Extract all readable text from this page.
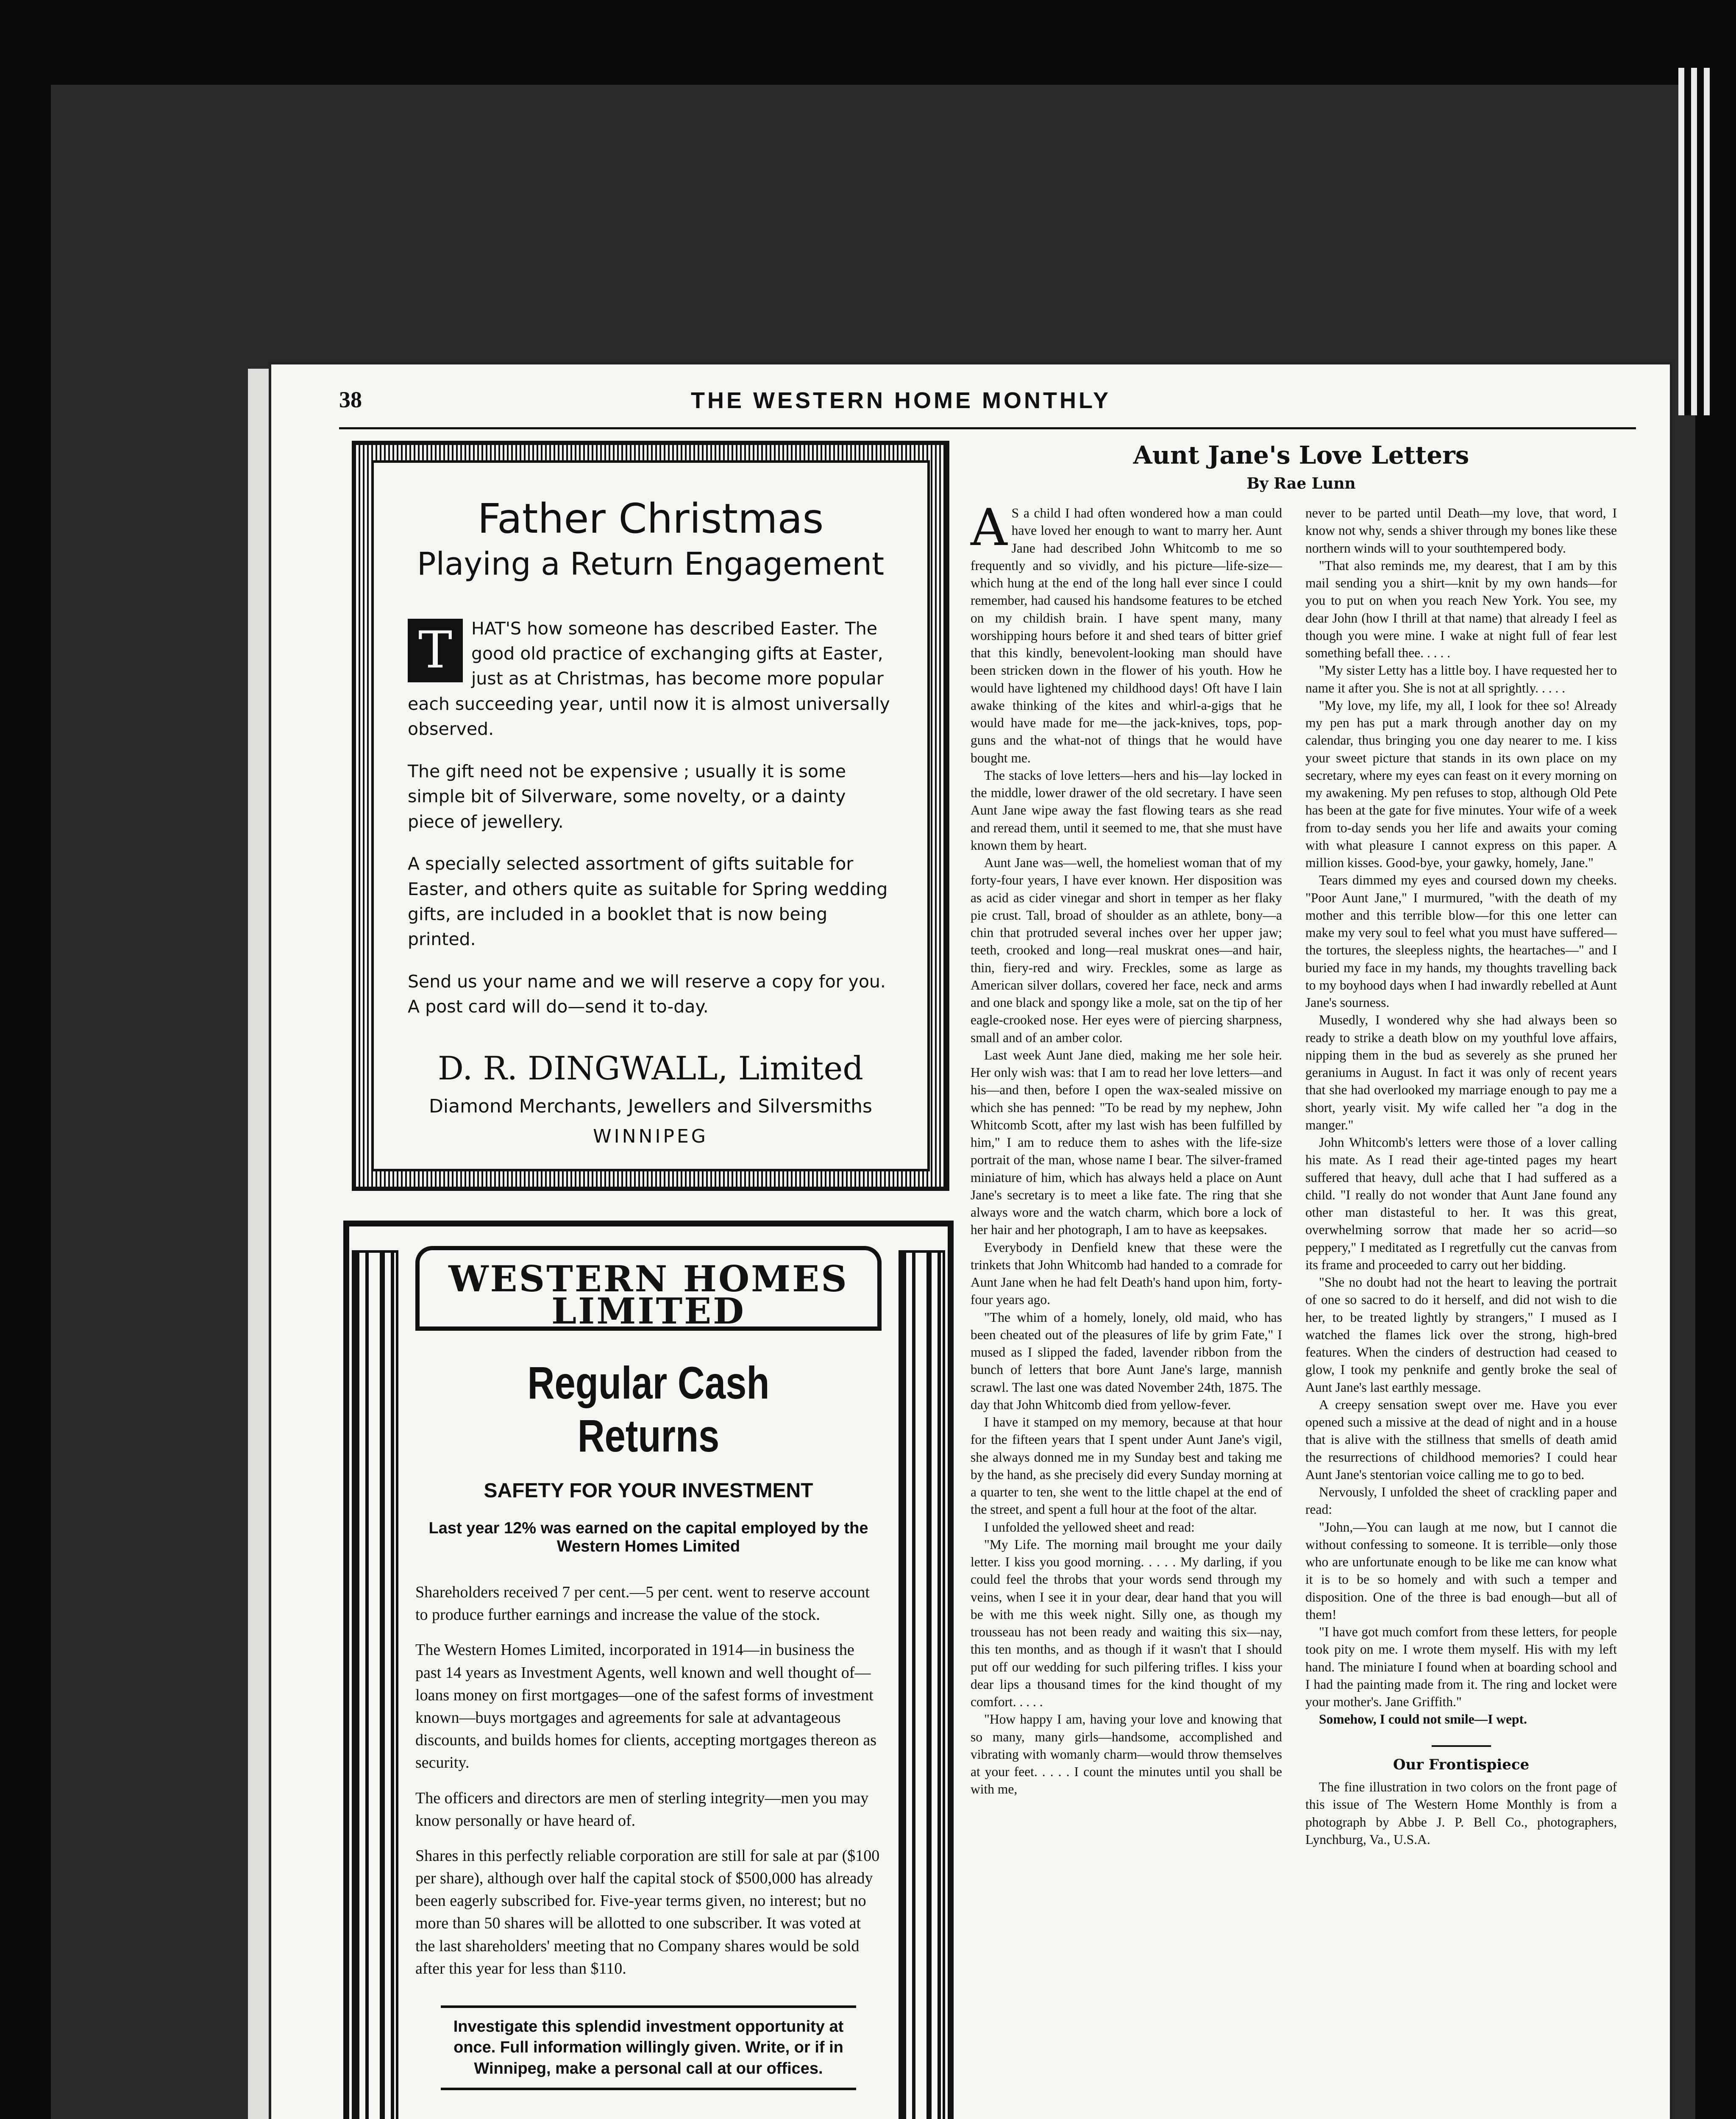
38	THE WESTERN HOME MONTHLY
Father Christmas
Playing a Return Engagement

T	HAT'S how someone has described Easter. The good old practice of exchanging gifts at Easter, just as at Christmas, has become more popular each succeeding year, until now it is almost universally observed.

The gift need not be expensive ; usually it is some simple bit of Silverware, some novelty, or a dainty piece of jewellery.

A specially selected assortment of gifts suitable for Easter, and others quite as suitable for Spring wedding gifts, are included in a booklet that is now being printed.

Send us your name and we will reserve a copy for you. A post card will do—send it to-day.

D. R. DINGWALL, Limited
Diamond Merchants, Jewellers and Silversmiths
WINNIPEG
WESTERN HOMES LIMITED
Regular Cash Returns
SAFETY FOR YOUR INVESTMENT
Last year 12% was earned on the capital employed by the Western Homes Limited

Shareholders received 7 per cent.—5 per cent. went to reserve account to produce further earnings and increase the value of the stock.

The Western Homes Limited, incorporated in 1914—in business the past 14 years as Investment Agents, well known and well thought of—loans money on first mortgages—one of the safest forms of investment known—buys mortgages and agreements for sale at advantageous discounts, and builds homes for clients, accepting mortgages thereon as security.

The officers and directors are men of sterling integrity—men you may know personally or have heard of.

Shares in this perfectly reliable corporation are still for sale at par ($100 per share), although over half the capital stock of $500,000 has already been eagerly subscribed for. Five-year terms given, no interest; but no more than 50 shares will be allotted to one subscriber. It was voted at the last shareholders' meeting that no Company shares would be sold after this year for less than $110.

Investigate this splendid investment opportunity at once. Full information willingly given. Write, or if in Winnipeg, make a personal call at our offices.
Aunt Jane's Love Letters
By Rae Lunn

A S a child I had often wondered how a man could have loved her enough to want to marry her. Aunt Jane had described John Whitcomb to me so frequently and so vividly, and his picture—life-size—which hung at the end of the long hall ever since I could remember, had caused his handsome features to be etched on my childish brain. I have spent many, many worshipping hours before it and shed tears of bitter grief that this kindly, benevolent-looking man should have been stricken down in the flower of his youth. How he would have lightened my childhood days! Oft have I lain awake thinking of the kites and whirl-a-gigs that he would have made for me—the jack-knives, tops, pop-guns and the what-not of things that he would have bought me.

The stacks of love letters—hers and his—lay locked in the middle, lower drawer of the old secretary. I have seen Aunt Jane wipe away the fast flowing tears as she read and reread them, until it seemed to me, that she must have known them by heart.

Aunt Jane was—well, the homeliest woman that of my forty-four years, I have ever known. Her disposition was as acid as cider vinegar and short in temper as her flaky pie crust. Tall, broad of shoulder as an athlete, bony—a chin that protruded several inches over her upper jaw; teeth, crooked and long—real muskrat ones—and hair, thin, fiery-red and wiry. Freckles, some as large as American silver dollars, covered her face, neck and arms and one black and spongy like a mole, sat on the tip of her eagle-crooked nose. Her eyes were of piercing sharpness, small and of an amber color.

Last week Aunt Jane died, making me her sole heir. Her only wish was: that I am to read her love letters—and his—and then, before I open the wax-sealed missive on which she has penned: "To be read by my nephew, John Whitcomb Scott, after my last wish has been fulfilled by him," I am to reduce them to ashes with the life-size portrait of the man, whose name I bear. The silver-framed miniature of him, which has always held a place on Aunt Jane's secretary is to meet a like fate. The ring that she always wore and the watch charm, which bore a lock of her hair and her photograph, I am to have as keepsakes.

Everybody in Denfield knew that these were the trinkets that John Whitcomb had handed to a comrade for Aunt Jane when he had felt Death's hand upon him, forty-four years ago.

"The whim of a homely, lonely, old maid, who has been cheated out of the pleasures of life by grim Fate," I mused as I slipped the faded, lavender ribbon from the bunch of letters that bore Aunt Jane's large, mannish scrawl. The last one was dated November 24th, 1875. The day that John Whitcomb died from yellow-fever.

I have it stamped on my memory, because at that hour for the fifteen years that I spent under Aunt Jane's vigil, she always donned me in my Sunday best and taking me by the hand, as she precisely did every Sunday morning at a quarter to ten, she went to the little chapel at the end of the street, and spent a full hour at the foot of the altar.

I unfolded the yellowed sheet and read:

"My Life. The morning mail brought me your daily letter. I kiss you good morning. . . . . My darling, if you could feel the throbs that your words send through my veins, when I see it in your dear, dear hand that you will be with me this week night. Silly one, as though my trousseau has not been ready and waiting this six—nay, this ten months, and as though if it wasn't that I should put off our wedding for such pilfering trifles. I kiss your dear lips a thousand times for the kind thought of my comfort. . . . .

"How happy I am, having your love and knowing that so many, many girls—handsome, accomplished and vibrating with womanly charm—would throw themselves at your feet. . . . . I count the minutes until you shall be with me,

never to be parted until Death—my love, that word, I know not why, sends a shiver through my bones like these northern winds will to your southtempered body.

"That also reminds me, my dearest, that I am by this mail sending you a shirt—knit by my own hands—for you to put on when you reach New York. You see, my dear John (how I thrill at that name) that already I feel as though you were mine. I wake at night full of fear lest something befall thee. . . . .

"My sister Letty has a little boy. I have requested her to name it after you. She is not at all sprightly. . . . .

"My love, my life, my all, I look for thee so! Already my pen has put a mark through another day on my calendar, thus bringing you one day nearer to me. I kiss your sweet picture that stands in its own place on my secretary, where my eyes can feast on it every morning on my awakening. My pen refuses to stop, although Old Pete has been at the gate for five minutes. Your wife of a week from to-day sends you her life and awaits your coming with what pleasure I cannot express on this paper. A million kisses. Good-bye, your gawky, homely, Jane."

Tears dimmed my eyes and coursed down my cheeks. "Poor Aunt Jane," I murmured, "with the death of my mother and this terrible blow—for this one letter can make my very soul to feel what you must have suffered—the tortures, the sleepless nights, the heartaches—" and I buried my face in my hands, my thoughts travelling back to my boyhood days when I had inwardly rebelled at Aunt Jane's sourness.

Musedly, I wondered why she had always been so ready to strike a death blow on my youthful love affairs, nipping them in the bud as severely as she pruned her geraniums in August. In fact it was only of recent years that she had overlooked my marriage enough to pay me a short, yearly visit. My wife called her "a dog in the manger."

John Whitcomb's letters were those of a lover calling his mate. As I read their age-tinted pages my heart suffered that heavy, dull ache that I had suffered as a child. "I really do not wonder that Aunt Jane found any other man distasteful to her. It was this great, overwhelming sorrow that made her so acrid—so peppery," I meditated as I regretfully cut the canvas from its frame and proceeded to carry out her bidding.

"She no doubt had not the heart to leaving the portrait of one so sacred to do it herself, and did not wish to die her, to be treated lightly by strangers," I mused as I watched the flames lick over the strong, high-bred features. When the cinders of destruction had ceased to glow, I took my penknife and gently broke the seal of Aunt Jane's last earthly message.

A creepy sensation swept over me. Have you ever opened such a missive at the dead of night and in a house that is alive with the stillness that smells of death amid the resurrections of childhood memories? I could hear Aunt Jane's stentorian voice calling me to go to bed.

Nervously, I unfolded the sheet of crackling paper and read:

"John,—You can laugh at me now, but I cannot die without confessing to someone. It is terrible—only those who are unfortunate enough to be like me can know what it is to be so homely and with such a temper and disposition. One of the three is bad enough—but all of them!

"I have got much comfort from these letters, for people took pity on me. I wrote them myself. His with my left hand. The miniature I found when at boarding school and I had the painting made from it. The ring and locket were your mother's. Jane Griffith."

Somehow, I could not smile—I wept.

Our Frontispiece

The fine illustration in two colors on the front page of this issue of The Western Home Monthly is from a photograph by Abbe J. P. Bell Co., photographers, Lynchburg, Va., U.S.A.
